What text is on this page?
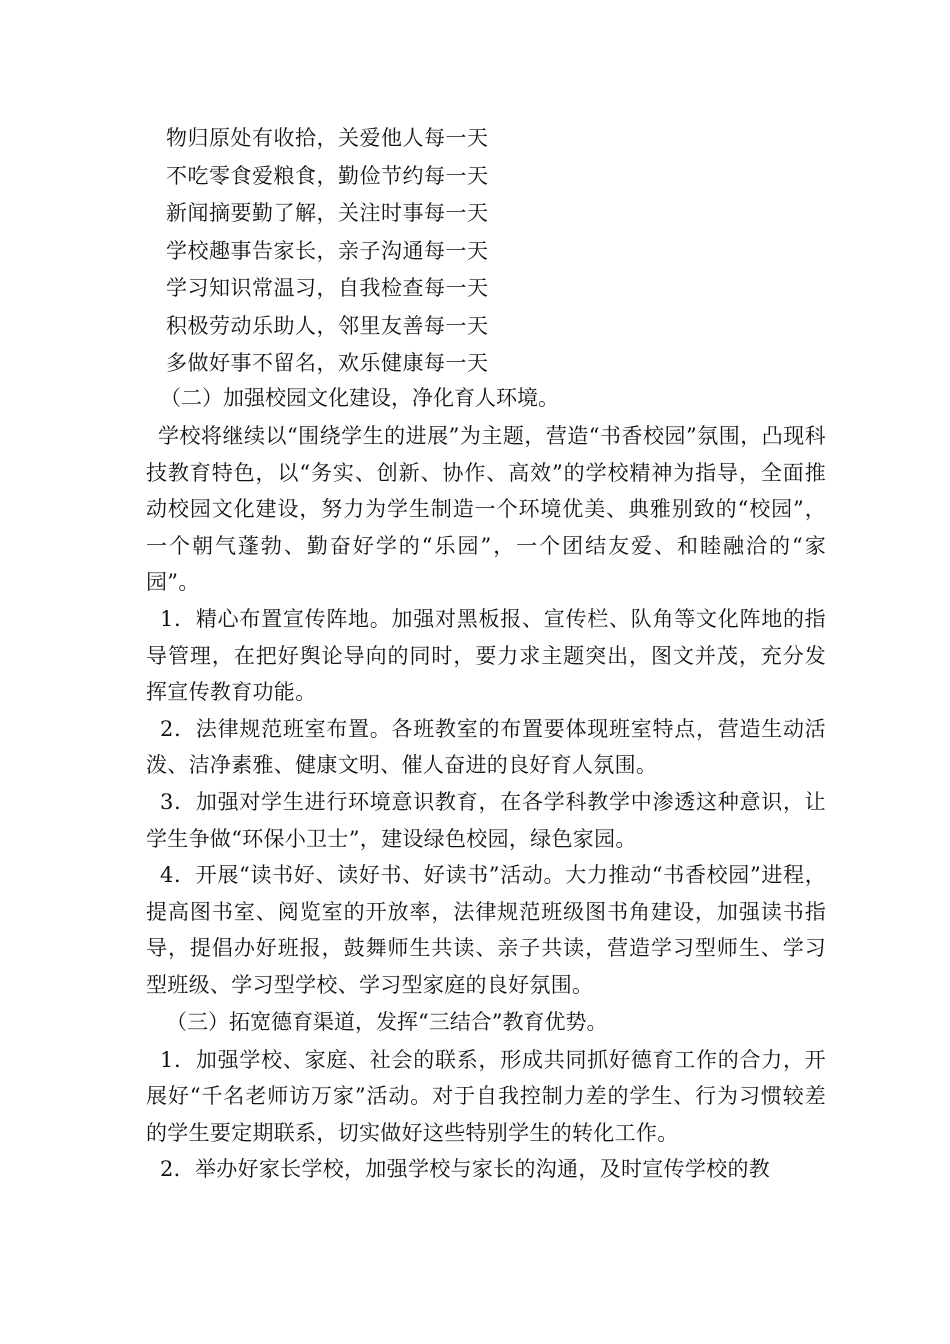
物归原处有收拾，关爱他人每一天
不吃零食爱粮食，勤俭节约每一天
新闻摘要勤了解，关注时事每一天
学校趣事告家长，亲子沟通每一天
学习知识常温习，自我检查每一天
积极劳动乐助人，邻里友善每一天
多做好事不留名，欢乐健康每一天

（二）加强校园文化建设，净化育人环境。

学校将继续以“围绕学生的进展”为主题，营造“书香校园”氛围，凸现科技教育特色，以“务实、创新、协作、高效”的学校精神为指导，全面推动校园文化建设，努力为学生制造一个环境优美、典雅别致的“校园”，一个朝气蓬勃、勤奋好学的“乐园”，一个团结友爱、和睦融洽的“家园”。

1．精心布置宣传阵地。加强对黑板报、宣传栏、队角等文化阵地的指导管理，在把好舆论导向的同时，要力求主题突出，图文并茂，充分发挥宣传教育功能。

2．法律规范班室布置。各班教室的布置要体现班室特点，营造生动活泼、洁净素雅、健康文明、催人奋进的良好育人氛围。

3．加强对学生进行环境意识教育，在各学科教学中渗透这种意识，让学生争做“环保小卫士”，建设绿色校园，绿色家园。

4．开展“读书好、读好书、好读书”活动。大力推动“书香校园”进程，提高图书室、阅览室的开放率，法律规范班级图书角建设，加强读书指导，提倡办好班报，鼓舞师生共读、亲子共读，营造学习型师生、学习型班级、学习型学校、学习型家庭的良好氛围。

（三）拓宽德育渠道，发挥“三结合”教育优势。

1．加强学校、家庭、社会的联系，形成共同抓好德育工作的合力，开展好“千名老师访万家”活动。对于自我控制力差的学生、行为习惯较差的学生要定期联系，切实做好这些特别学生的转化工作。

2．举办好家长学校，加强学校与家长的沟通，及时宣传学校的教
